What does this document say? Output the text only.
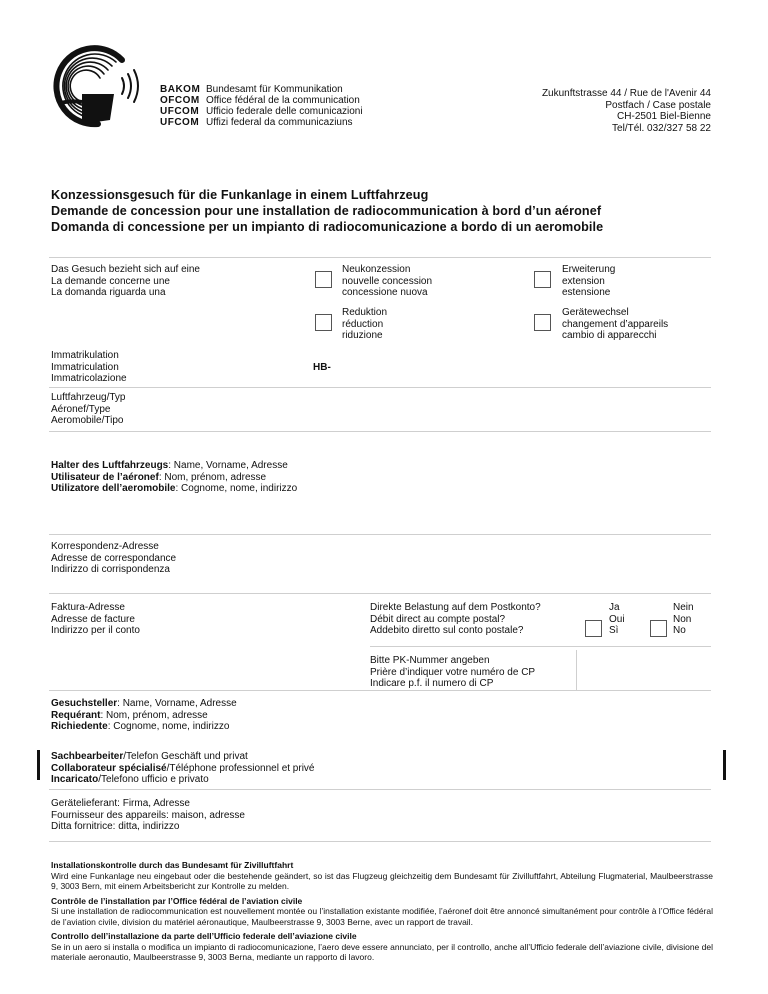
BAKOM Bundesamt für Kommunikation
OFCOM Office fédéral de la communication
UFCOM Ufficio federale delle comunicazioni
UFCOM Uffizi federal da communicaziuns
Zukunftstrasse 44 / Rue de l'Avenir 44
Postfach / Case postale
CH-2501 Biel-Bienne
Tel/Tél. 032/327 58 22
Konzessionsgesuch für die Funkanlage in einem Luftfahrzeug
Demande de concession pour une installation de radiocommunication à bord d’un aéronef
Domanda di concessione per un impianto di radiocomunicazione a bordo di un aeromobile
Das Gesuch bezieht sich auf eine
La demande concerne une
La domanda riguarda una
Neukonzession
nouvelle concession
concessione nuova
Erweiterung
extension
estensione
Reduktion
réduction
riduzione
Gerätewechsel
changement d’appareils
cambio di apparecchi
Immatrikulation
Immatriculation
Immatricolazione
HB-
Luftfahrzeug/Typ
Aéronef/Type
Aeromobile/Tipo
Halter des Luftfahrzeugs: Name, Vorname, Adresse
Utilisateur de l’aéronef: Nom, prénom, adresse
Utilizatore dell’aeromobile: Cognome, nome, indirizzo
Korrespondenz-Adresse
Adresse de correspondance
Indirizzo di corrispondenza
Faktura-Adresse
Adresse de facture
Indirizzo per il conto
Direkte Belastung auf dem Postkonto?
Débit direct au compte postal?
Addebito diretto sul conto postale?
Ja
Oui
Sì
Nein
Non
No
Bitte PK-Nummer angeben
Prière d’indiquer votre numéro de CP
Indicare p.f. il numero di CP
Gesuchsteller: Name, Vorname, Adresse
Requérant: Nom, prénom, adresse
Richiedente: Cognome, nome, indirizzo
Sachbearbeiter/Telefon Geschäft und privat
Collaborateur spécialisé/Téléphone professionnel et privé
Incaricato/Telefono ufficio e privato
Gerätelieferant: Firma, Adresse
Fournisseur des appareils: maison, adresse
Ditta fornitrice: ditta, indirizzo
Installationskontrolle durch das Bundesamt für Zivilluftfahrt
Wird eine Funkanlage neu eingebaut oder die bestehende geändert, so ist das Flugzeug gleichzeitig dem Bundesamt für Zivilluftfahrt, Abteilung Flugmaterial, Maulbeerstrasse 9, 3003 Bern, mit einem Arbeitsbericht zur Kontrolle zu melden.
Contrôle de l’installation par l’Office fédéral de l’aviation civile
Si une installation de radiocommunication est nouvellement montée ou l’installation existante modifiée, l’aéronef doit être annoncé simultanément pour contrôle à l’Office fédéral de l’aviation civile, division du matériel aéronautique, Maulbeerstrasse 9, 3003 Berne, avec un rapport de travail.
Controllo dell’installazione da parte dell’Ufficio federale dell’aviazione civile
Se in un aero si installa o modifica un impianto di radiocomunicazione, l’aero deve essere annunciato, per il controllo, anche all’Ufficio federale dell’aviazione civile, divisione del materiale aeronautio, Maulbeerstrasse 9, 3003 Berna, mediante un rapporto di lavoro.
